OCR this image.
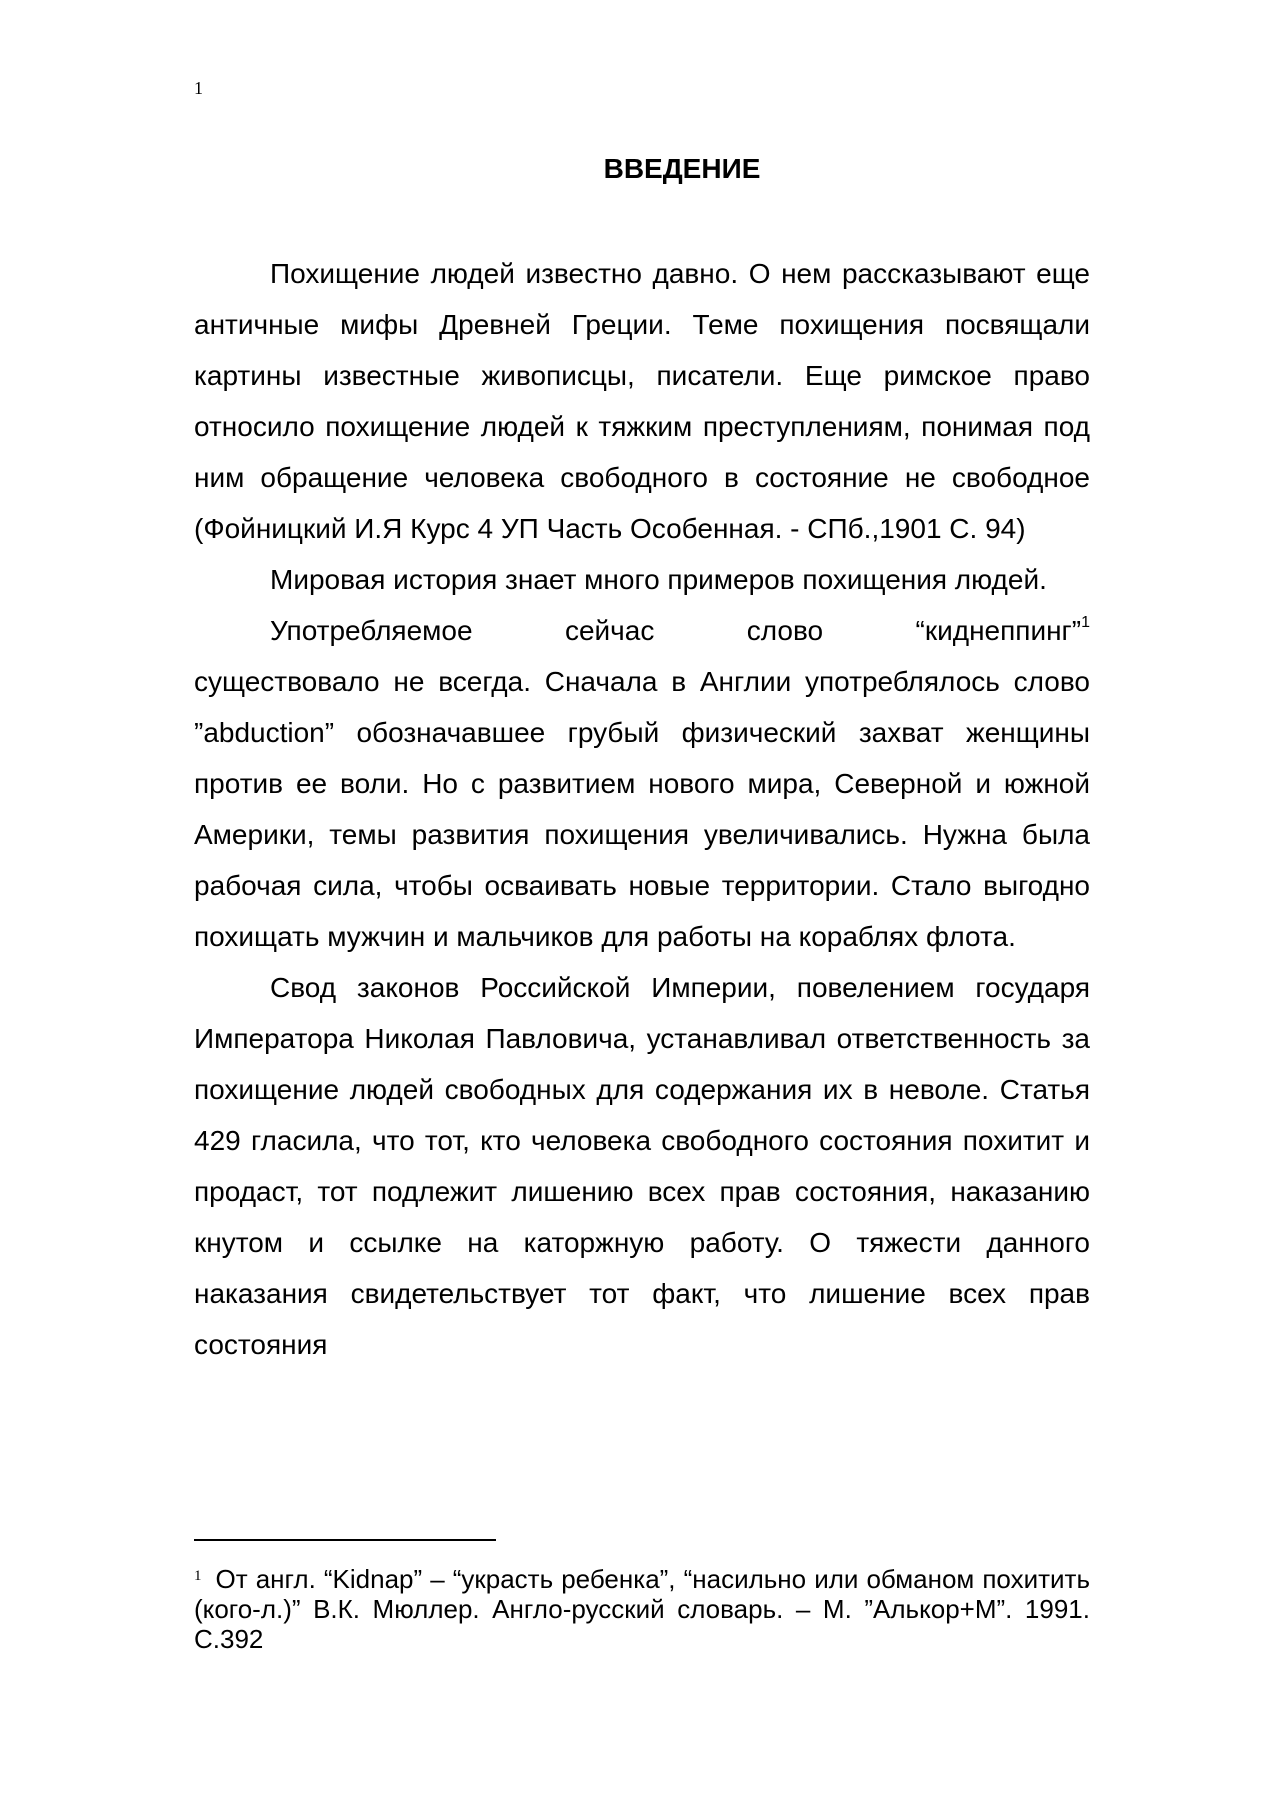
1
ВВЕДЕНИЕ

Похищение людей известно давно. О нем рассказывают еще античные мифы Древней Греции. Теме похищения посвящали картины известные живописцы, писатели. Еще римское право относило похищение людей к тяжким преступлениям, понимая под ним обращение человека свободного в состояние не свободное (Фойницкий И.Я Курс 4 УП Часть Особенная. - СПб.,1901 С. 94)

Мировая история знает много примеров похищения людей.

Употребляемое сейчас слово “киднеппинг”$^1$

существовало не всегда. Сначала в Англии употреблялось слово ”abduction” обозначавшее грубый физический захват женщины против ее воли. Но с развитием нового мира, Северной и южной Америки, темы развития похищения увеличивались. Нужна была рабочая сила, чтобы осваивать новые территории. Стало выгодно похищать мужчин и мальчиков для работы на кораблях флота.

Свод законов Российской Империи, повелением государя Императора Николая Павловича, устанавливал ответственность за похищение людей свободных для содержания их в неволе. Статья 429 гласила, что тот, кто человека свободного состояния похитит и продаст, тот подлежит лишению всех прав состояния, наказанию кнутом и ссылке на каторжную работу. О тяжести данного наказания свидетельствует тот факт, что лишение всех прав состояния

$^1$ От англ. “Kidnap” – “украсть ребенка”, “насильно или обманом похитить (кого-л.)” В.К. Мюллер. Англо-русский словарь. – М. ”Алькор+М”. 1991. С.392
